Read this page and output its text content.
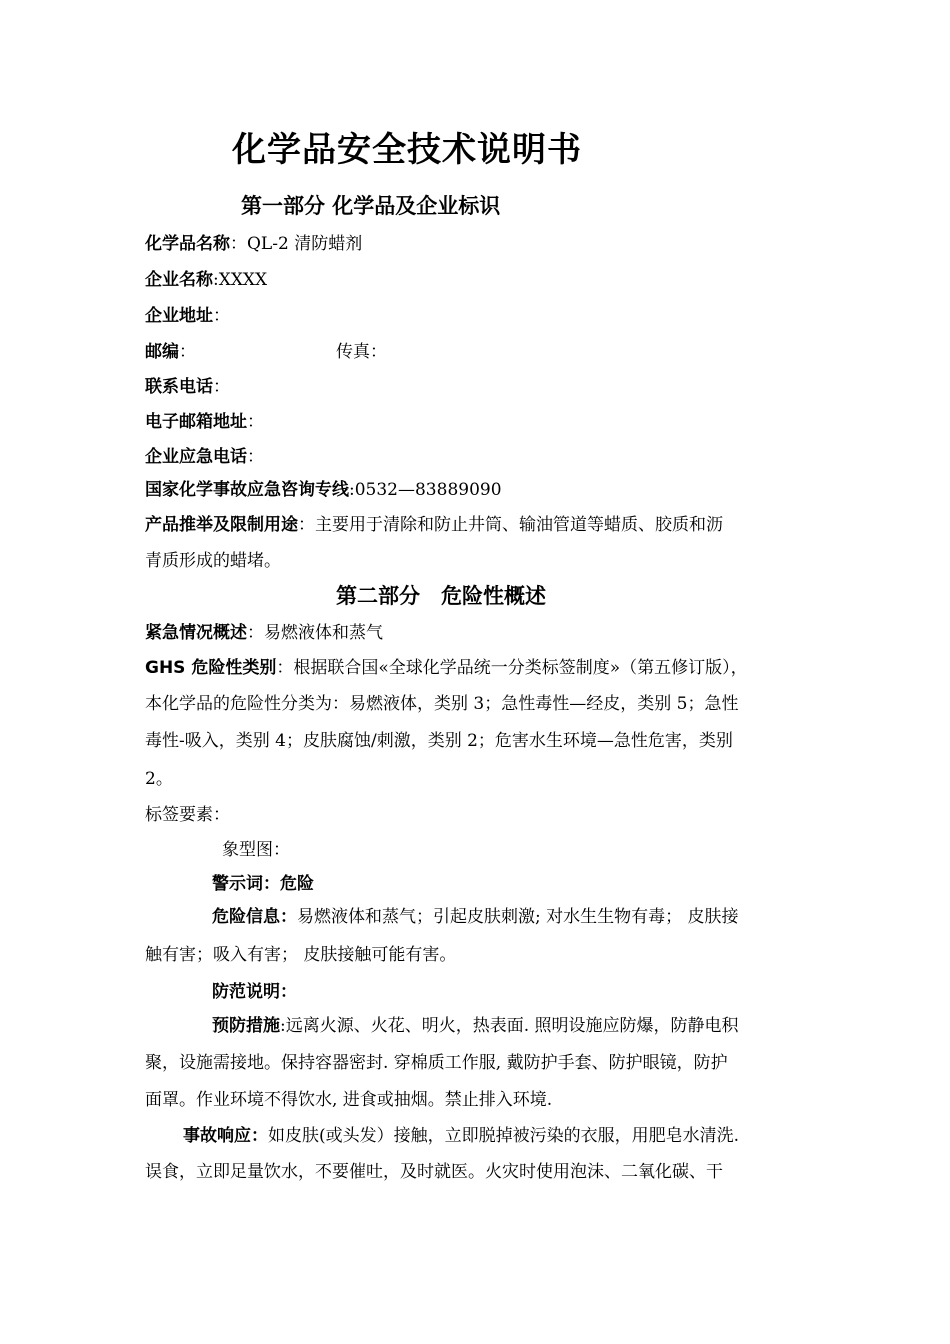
化学品安全技术说明书
第一部分 化学品及企业标识
化学品名称：QL-2 清防蜡剂
企业名称:XXXX
企业地址：
邮编：	传真：
联系电话：
电子邮箱地址：
企业应急电话：
国家化学事故应急咨询专线:0532—83889090
产品推举及限制用途：主要用于清除和防止井筒、输油管道等蜡质、胶质和沥
青质形成的蜡堵。
第二部分　危险性概述
紧急情况概述：易燃液体和蒸气
GHS 危险性类别：根据联合国«全球化学品统一分类标签制度»（第五修订版），
本化学品的危险性分类为：易燃液体，类别 3；急性毒性—经皮，类别 5；急性
毒性-吸入，类别 4；皮肤腐蚀/刺激，类别 2；危害水生环境—急性危害，类别
2。
标签要素：
象型图：
警示词：危险
危险信息：易燃液体和蒸气；引起皮肤刺激; 对水生生物有毒； 皮肤接
触有害；吸入有害； 皮肤接触可能有害。
防范说明：
预防措施:远离火源、火花、明火，热表面. 照明设施应防爆，防静电积
聚，设施需接地。保持容器密封. 穿棉质工作服, 戴防护手套、防护眼镜，防护
面罩。作业环境不得饮水, 进食或抽烟。禁止排入环境.
事故响应：如皮肤(或头发）接触，立即脱掉被污染的衣服，用肥皂水清洗.
误食，立即足量饮水，不要催吐，及时就医。火灾时使用泡沫、二氧化碳、干
